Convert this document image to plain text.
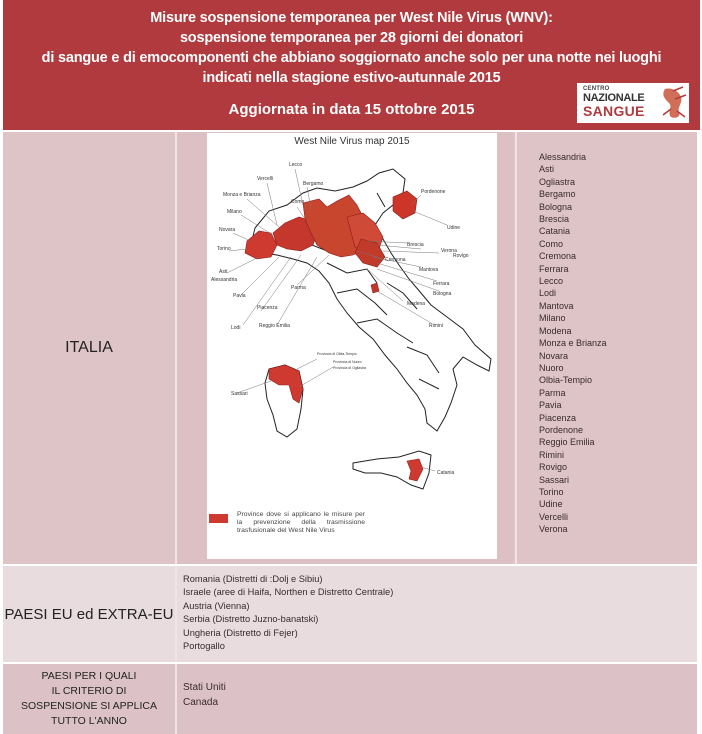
Misure sospensione temporanea per West Nile Virus (WNV):
sospensione temporanea per 28 giorni dei donatori
di sangue e di emocomponenti che abbiano soggiornato anche solo per una notte nei luoghi
indicati nella stagione estivo-autunnale 2015
Aggiornata in data 15 ottobre 2015
CENTRO
NAZIONALE
SANGUE
ITALIA
West Nile Virus map 2015
Vercelli
Lecco
Bergamo
Monza e Brianza
Como
Milano
Novara
Torino
Asti
Alessandria
Pavia
Piacenza
Lodi
Parma
Reggio Emilia
Pordenone
Udine
Brescia
Verona
Rovigo
Cremona
Mantova
Ferrara
Bologna
Modena
Rimini
Sassari
Provincia di Olbia-Tempio
Provincia di Nuoro
Provincia di Ogliastra
Catania
Province dove si applicano le misure per la prevenzione della trasmissione trasfusionale del West Nile Virus
Alessandria
Asti
Ogliastra
Bergamo
Bologna
Brescia
Catania
Como
Cremona
Ferrara
Lecco
Lodi
Mantova
Milano
Modena
Monza e Brianza
Novara
Nuoro
Olbia-Tempio
Parma
Pavia
Piacenza
Pordenone
Reggio Emilia
Rimini
Rovigo
Sassari
Torino
Udine
Vercelli
Verona
PAESI EU ed EXTRA-EU
Romania (Distretti di :Dolj e Sibiu)
Israele (aree di Haifa, Northen e Distretto Centrale)
Austria (Vienna)
Serbia (Distretto Juzno-banatski)
Ungheria (Distretto di Fejer)
Portogallo
PAESI PER I QUALI
IL CRITERIO DI
SOSPENSIONE SI APPLICA
TUTTO L'ANNO
Stati Uniti
Canada
